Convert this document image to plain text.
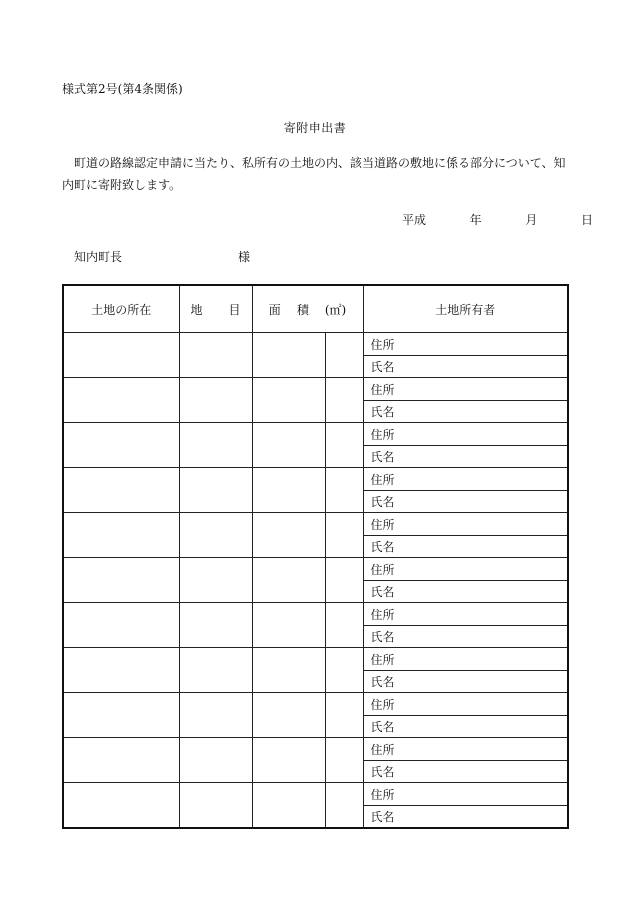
様式第2号(第4条関係)
寄附申出書
町道の路線認定申請に当たり、私所有の土地の内、該当道路の敷地に係る部分について、知内町に寄附致します。
平成	年	月	日
知内町長	様
土地の所在	地 目	面 積 (㎡)		土地所有者
				住所
				氏名
				住所
				氏名
				住所
				氏名
				住所
				氏名
				住所
				氏名
				住所
				氏名
				住所
				氏名
				住所
				氏名
				住所
				氏名
				住所
				氏名
				住所
				氏名
